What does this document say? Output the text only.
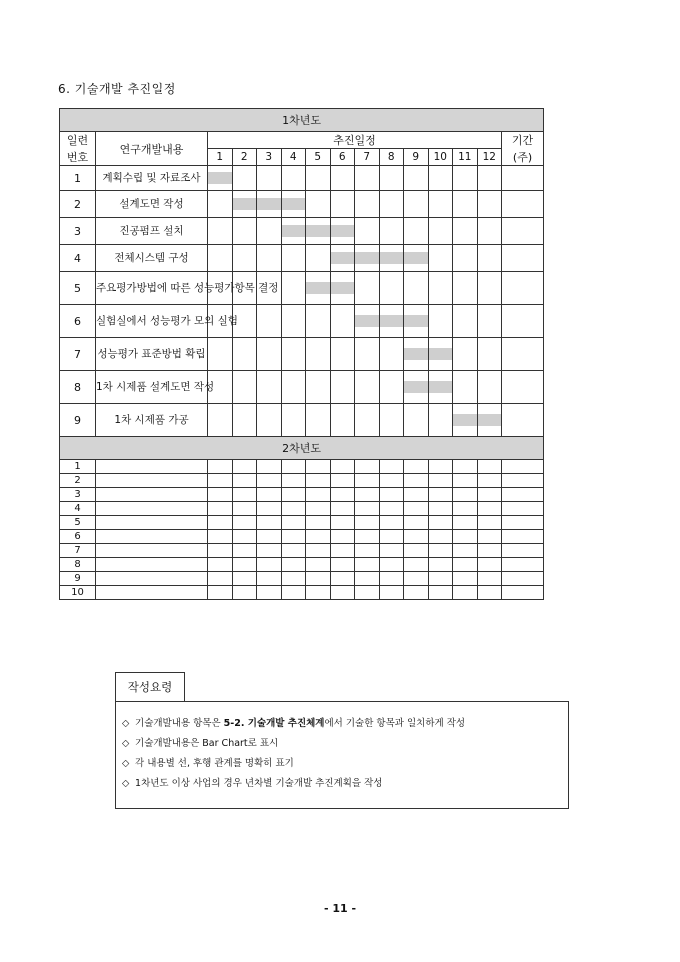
6. 기술개발 추진일정
1차년도														
일련	연구개발내용	추진일정												기간
번호		1	2	3	4	5	6	7	8	9	10	11	12	(주)
1	계획수립 및 자료조사	

2	설계도면 작성		

3	진공펌프 설치				

4	전체시스템 구성						

5	주요평가방법에 따른 성능평가항목 결정					

6	실험실에서 성능평가 모의 실험							

7	성능평가 표준방법 확립									

8	1차 시제품 설계도면 작성									

9	1차 시제품 가공											

2차년도														
1														
2														
3														
4														
5														
6														
7														
8														
9														
10														
작성요령
◇ 기술개발내용 항목은 5-2. 기술개발 추진체계에서 기술한 항목과 일치하게 작성
◇ 기술개발내용은 Bar Chart로 표시
◇ 각 내용별 선, 후행 관계를 명확히 표기
◇ 1차년도 이상 사업의 경우 년차별 기술개발 추진계획을 작성
- 11 -
